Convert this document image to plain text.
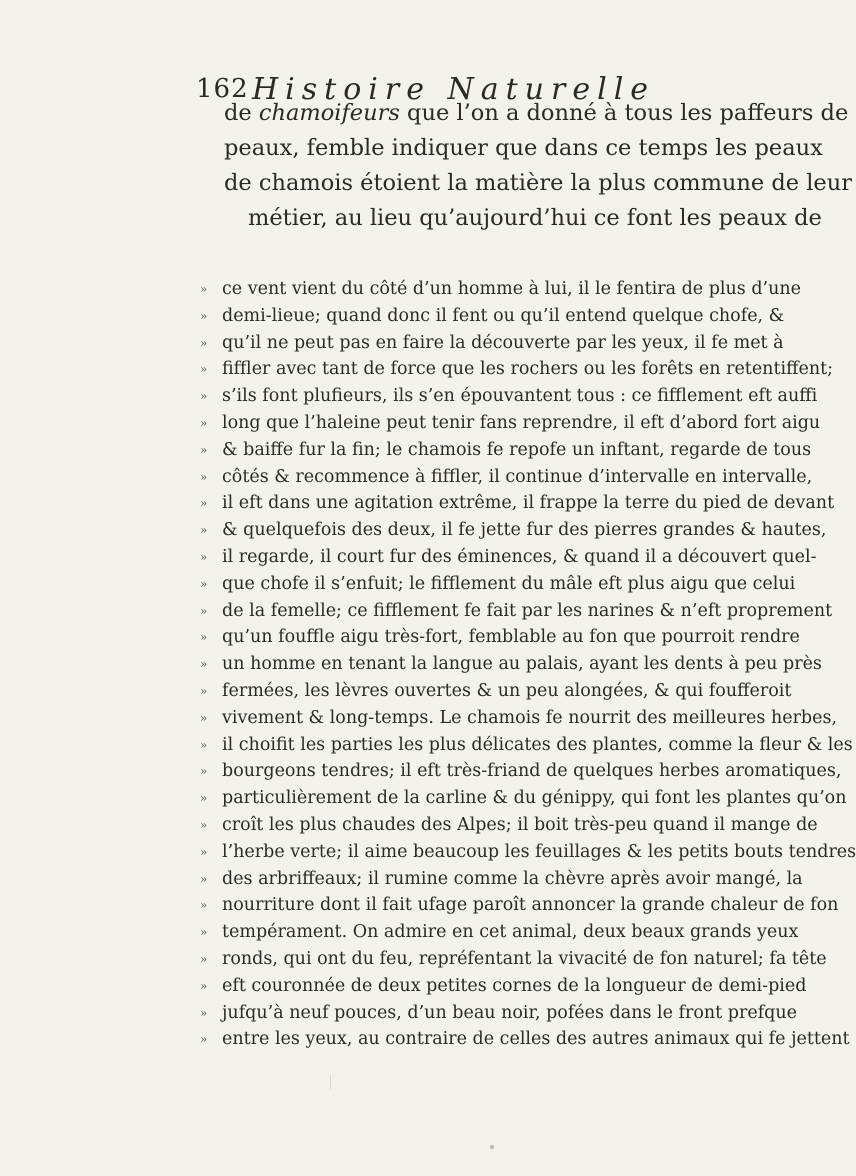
162 Histoire Naturelle
de chamoifeurs que l’on a donné à tous les paffeurs de
peaux, femble indiquer que dans ce temps les peaux
de chamois étoient la matière la plus commune de leur
métier, au lieu qu’aujourd’hui ce font les peaux de
» ce vent vient du côté d’un homme à lui, il le fentira de plus d’une
» demi-lieue; quand donc il fent ou qu’il entend quelque chofe, &
» qu’il ne peut pas en faire la découverte par les yeux, il fe met à
» fiffler avec tant de force que les rochers ou les forêts en retentiffent;
» s’ils font plufieurs, ils s’en épouvantent tous : ce fifflement eft auffi
» long que l’haleine peut tenir fans reprendre, il eft d’abord fort aigu
» & baiffe fur la fin; le chamois fe repofe un inftant, regarde de tous
» côtés & recommence à fiffler, il continue d’intervalle en intervalle,
» il eft dans une agitation extrême, il frappe la terre du pied de devant
» & quelquefois des deux, il fe jette fur des pierres grandes & hautes,
» il regarde, il court fur des éminences, & quand il a découvert quel-
» que chofe il s’enfuit; le fifflement du mâle eft plus aigu que celui
» de la femelle; ce fifflement fe fait par les narines & n’eft proprement
» qu’un fouffle aigu très-fort, femblable au fon que pourroit rendre
» un homme en tenant la langue au palais, ayant les dents à peu près
» fermées, les lèvres ouvertes & un peu alongées, & qui foufferoit
» vivement & long-temps. Le chamois fe nourrit des meilleures herbes,
» il choifit les parties les plus délicates des plantes, comme la fleur & les
» bourgeons tendres; il eft très-friand de quelques herbes aromatiques,
» particulièrement de la carline & du génippy, qui font les plantes qu’on
» croît les plus chaudes des Alpes; il boit très-peu quand il mange de
» l’herbe verte; il aime beaucoup les feuillages & les petits bouts tendres
» des arbriffeaux; il rumine comme la chèvre après avoir mangé, la
» nourriture dont il fait ufage paroît annoncer la grande chaleur de fon
» tempérament. On admire en cet animal, deux beaux grands yeux
» ronds, qui ont du feu, repréfentant la vivacité de fon naturel; fa tête
» eft couronnée de deux petites cornes de la longueur de demi-pied
» jufqu’à neuf pouces, d’un beau noir, pofées dans le front prefque
» entre les yeux, au contraire de celles des autres animaux qui fe jettent
